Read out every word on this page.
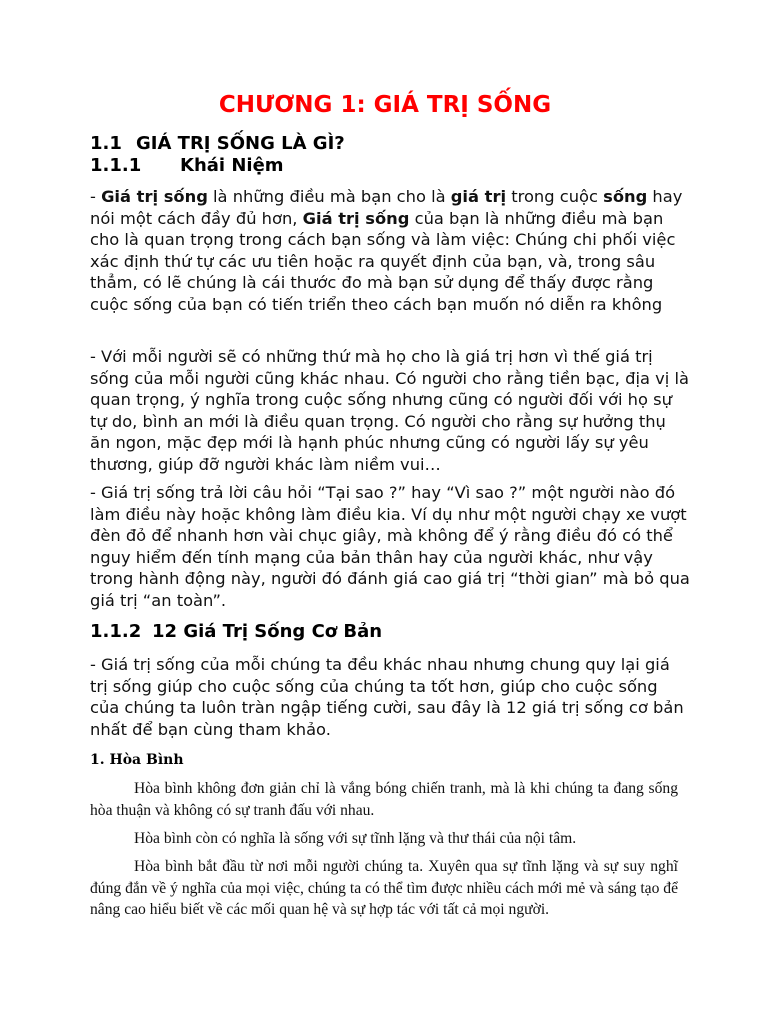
CHƯƠNG 1: GIÁ TRỊ SỐNG
1.1 GIÁ TRỊ SỐNG LÀ GÌ?
1.1.1 Khái Niệm

- Giá trị sống là những điều mà bạn cho là giá trị trong cuộc sống hay nói một cách đầy đủ hơn, Giá trị sống của bạn là những điều mà bạn cho là quan trọng trong cách bạn sống và làm việc: Chúng chi phối việc xác định thứ tự các ưu tiên hoặc ra quyết định của bạn, và, trong sâu thẳm, có lẽ chúng là cái thước đo mà bạn sử dụng để thấy được rằng cuộc sống của bạn có tiến triển theo cách bạn muốn nó diễn ra không

- Với mỗi người sẽ có những thứ mà họ cho là giá trị hơn vì thế giá trị sống của mỗi người cũng khác nhau. Có người cho rằng tiền bạc, địa vị là quan trọng, ý nghĩa trong cuộc sống nhưng cũng có người đối với họ sự tự do, bình an mới là điều quan trọng. Có người cho rằng sự hưởng thụ ăn ngon, mặc đẹp mới là hạnh phúc nhưng cũng có người lấy sự yêu thương, giúp đỡ người khác làm niềm vui…

- Giá trị sống trả lời câu hỏi “Tại sao ?” hay “Vì sao ?” một người nào đó làm điều này hoặc không làm điều kia. Ví dụ như một người chạy xe vượt đèn đỏ để nhanh hơn vài chục giây, mà không để ý rằng điều đó có thể nguy hiểm đến tính mạng của bản thân hay của người khác, như vậy trong hành động này, người đó đánh giá cao giá trị “thời gian” mà bỏ qua giá trị “an toàn”.

1.1.2 12 Giá Trị Sống Cơ Bản

- Giá trị sống của mỗi chúng ta đều khác nhau nhưng chung quy lại giá trị sống giúp cho cuộc sống của chúng ta tốt hơn, giúp cho cuộc sống của chúng ta luôn tràn ngập tiếng cười, sau đây là 12 giá trị sống cơ bản nhất để bạn cùng tham khảo.

1. Hòa Bình

Hòa bình không đơn giản chỉ là vắng bóng chiến tranh, mà là khi chúng ta đang sống hòa thuận và không có sự tranh đấu với nhau.

Hòa bình còn có nghĩa là sống với sự tĩnh lặng và thư thái của nội tâm.

Hòa bình bắt đầu từ nơi mỗi người chúng ta. Xuyên qua sự tĩnh lặng và sự suy nghĩ đúng đắn về ý nghĩa của mọi việc, chúng ta có thể tìm được nhiều cách mới mẻ và sáng tạo để nâng cao hiểu biết về các mối quan hệ và sự hợp tác với tất cả mọi người.
